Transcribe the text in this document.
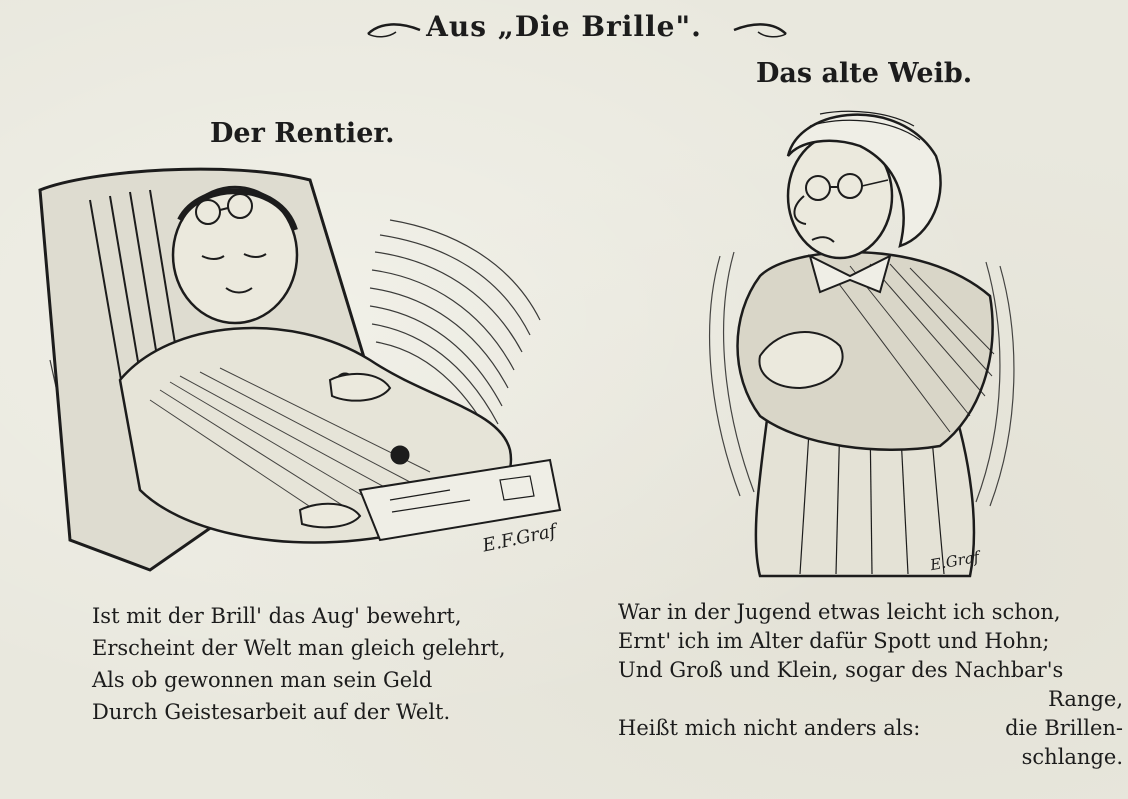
Aus „Die Brille".
Der Rentier.
Das alte Weib.
E.F.Graf
E.Graf
Ist mit der Brill' das Aug' bewehrt,
Erscheint der Welt man gleich gelehrt,
Als ob gewonnen man sein Geld
Durch Geistesarbeit auf der Welt.
War in der Jugend etwas leicht ich schon,
Ernt' ich im Alter dafür Spott und Hohn;
Und Groß und Klein, sogar des Nachbar's
Range,
Heißt mich nicht anders als:	die Brillen-
schlange.
